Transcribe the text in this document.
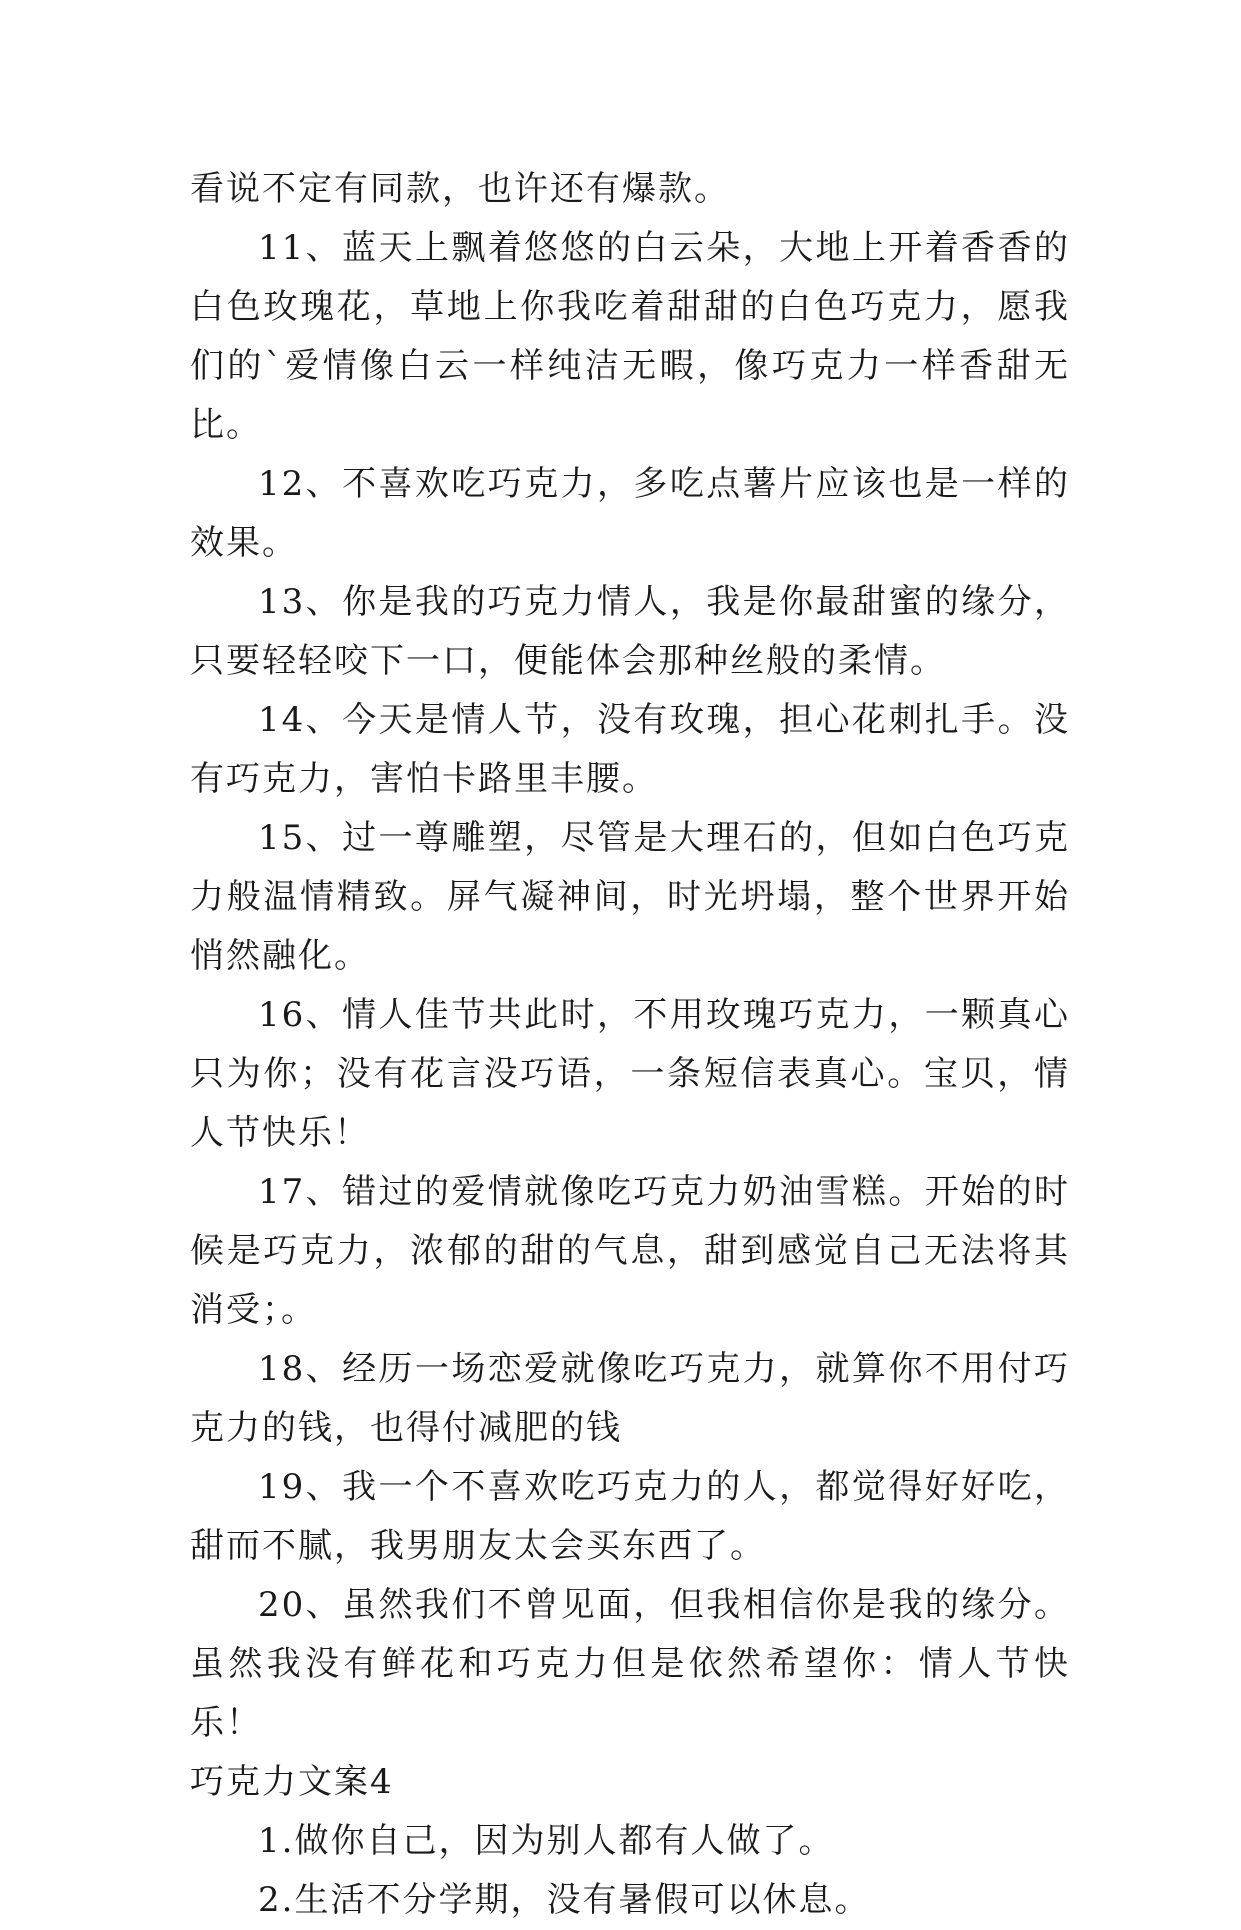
看说不定有同款，也许还有爆款。

11、蓝天上飘着悠悠的白云朵，大地上开着香香的白色玫瑰花，草地上你我吃着甜甜的白色巧克力，愿我们的`爱情像白云一样纯洁无暇，像巧克力一样香甜无比。

12、不喜欢吃巧克力，多吃点薯片应该也是一样的效果。

13、你是我的巧克力情人，我是你最甜蜜的缘分，只要轻轻咬下一口，便能体会那种丝般的柔情。

14、今天是情人节，没有玫瑰，担心花刺扎手。没有巧克力，害怕卡路里丰腰。

15、过一尊雕塑，尽管是大理石的，但如白色巧克力般温情精致。屏气凝神间，时光坍塌，整个世界开始悄然融化。

16、情人佳节共此时，不用玫瑰巧克力，一颗真心只为你；没有花言没巧语，一条短信表真心。宝贝，情人节快乐！

17、错过的爱情就像吃巧克力奶油雪糕。开始的时候是巧克力，浓郁的甜的气息，甜到感觉自己无法将其消受；。

18、经历一场恋爱就像吃巧克力，就算你不用付巧克力的钱，也得付减肥的钱

19、我一个不喜欢吃巧克力的人，都觉得好好吃，甜而不腻，我男朋友太会买东西了。

20、虽然我们不曾见面，但我相信你是我的缘分。虽然我没有鲜花和巧克力但是依然希望你：情人节快乐！

巧克力文案4

1.做你自己，因为别人都有人做了。

2.生活不分学期，没有暑假可以休息。
